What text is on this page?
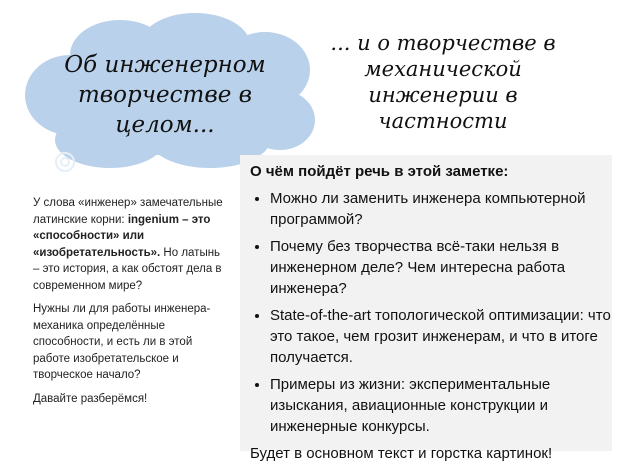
Об инженерном творчестве в целом...
... и о творчестве в механической инженерии в частности

У слова «инженер» замечательные латинские корни: ingenium – это «способности» или «изобретательность». Но латынь – это история, а как обстоят дела в современном мире?

Нужны ли для работы инженера-механика определённые способности, и есть ли в этой работе изобретательское и творческое начало?

Давайте разберёмся!

О чём пойдёт речь в этой заметке:
• Можно ли заменить инженера компьютерной программой?
• Почему без творчества всё-таки нельзя в инженерном деле? Чем интересна работа инженера?
• State-of-the-art топологической оптимизации: что это такое, чем грозит инженерам, и что в итоге получается.
• Примеры из жизни: экспериментальные изыскания, авиационные конструкции и инженерные конкурсы.
Будет в основном текст и горстка картинок!
